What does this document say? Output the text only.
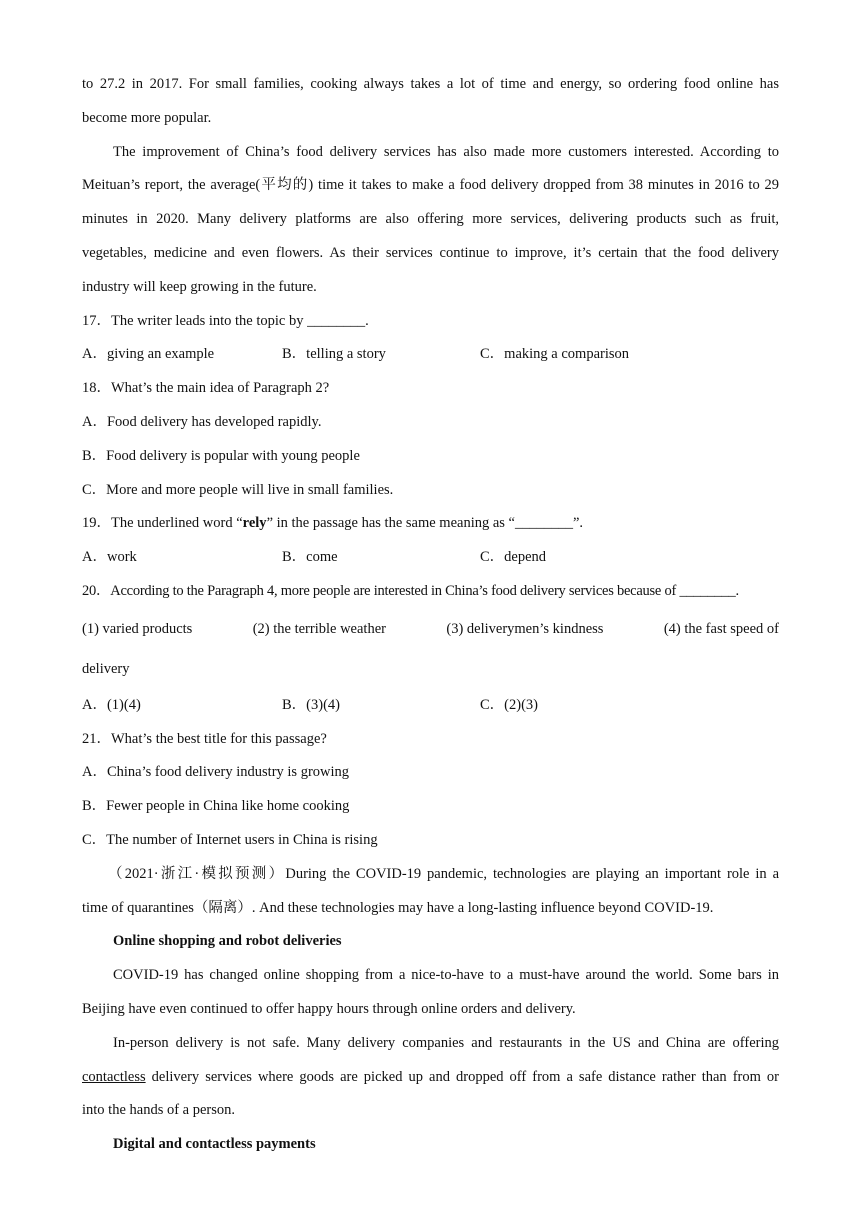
to 27.2 in 2017. For small families, cooking always takes a lot of time and energy, so ordering food online has
become more popular.
The improvement of China’s food delivery services has also made more customers interested. According to
Meituan’s report, the average(平均的) time it takes to make a food delivery dropped from 38 minutes in 2016 to 29
minutes in 2020. Many delivery platforms are also offering more services, delivering products such as fruit,
vegetables, medicine and even flowers. As their services continue to improve, it’s certain that the food delivery
industry will keep growing in the future.
17．The writer leads into the topic by ________.
A．giving an example	B．telling a story	C．making a comparison
18．What’s the main idea of Paragraph 2?
A．Food delivery has developed rapidly.
B．Food delivery is popular with young people
C．More and more people will live in small families.
19．The underlined word “rely” in the passage has the same meaning as “________”.
A．work	B．come	C．depend
20．According to the Paragraph 4, more people are interested in China’s food delivery services because of ________.
(1) varied products	(2) the terrible weather	(3) deliverymen’s kindness	(4) the fast speed of
delivery
A．(1)(4)	B．(3)(4)	C．(2)(3)
21．What’s the best title for this passage?
A．China’s food delivery industry is growing
B．Fewer people in China like home cooking
C．The number of Internet users in China is rising
（2021·浙江·模拟预测）During the COVID-19 pandemic, technologies are playing an important role in a
time of quarantines（隔离）. And these technologies may have a long-lasting influence beyond COVID-19.
Online shopping and robot deliveries
COVID-19 has changed online shopping from a nice-to-have to a must-have around the world. Some bars in
Beijing have even continued to offer happy hours through online orders and delivery.
In-person delivery is not safe. Many delivery companies and restaurants in the US and China are offering
contactless delivery services where goods are picked up and dropped off from a safe distance rather than from or
into the hands of a person.
Digital and contactless payments
